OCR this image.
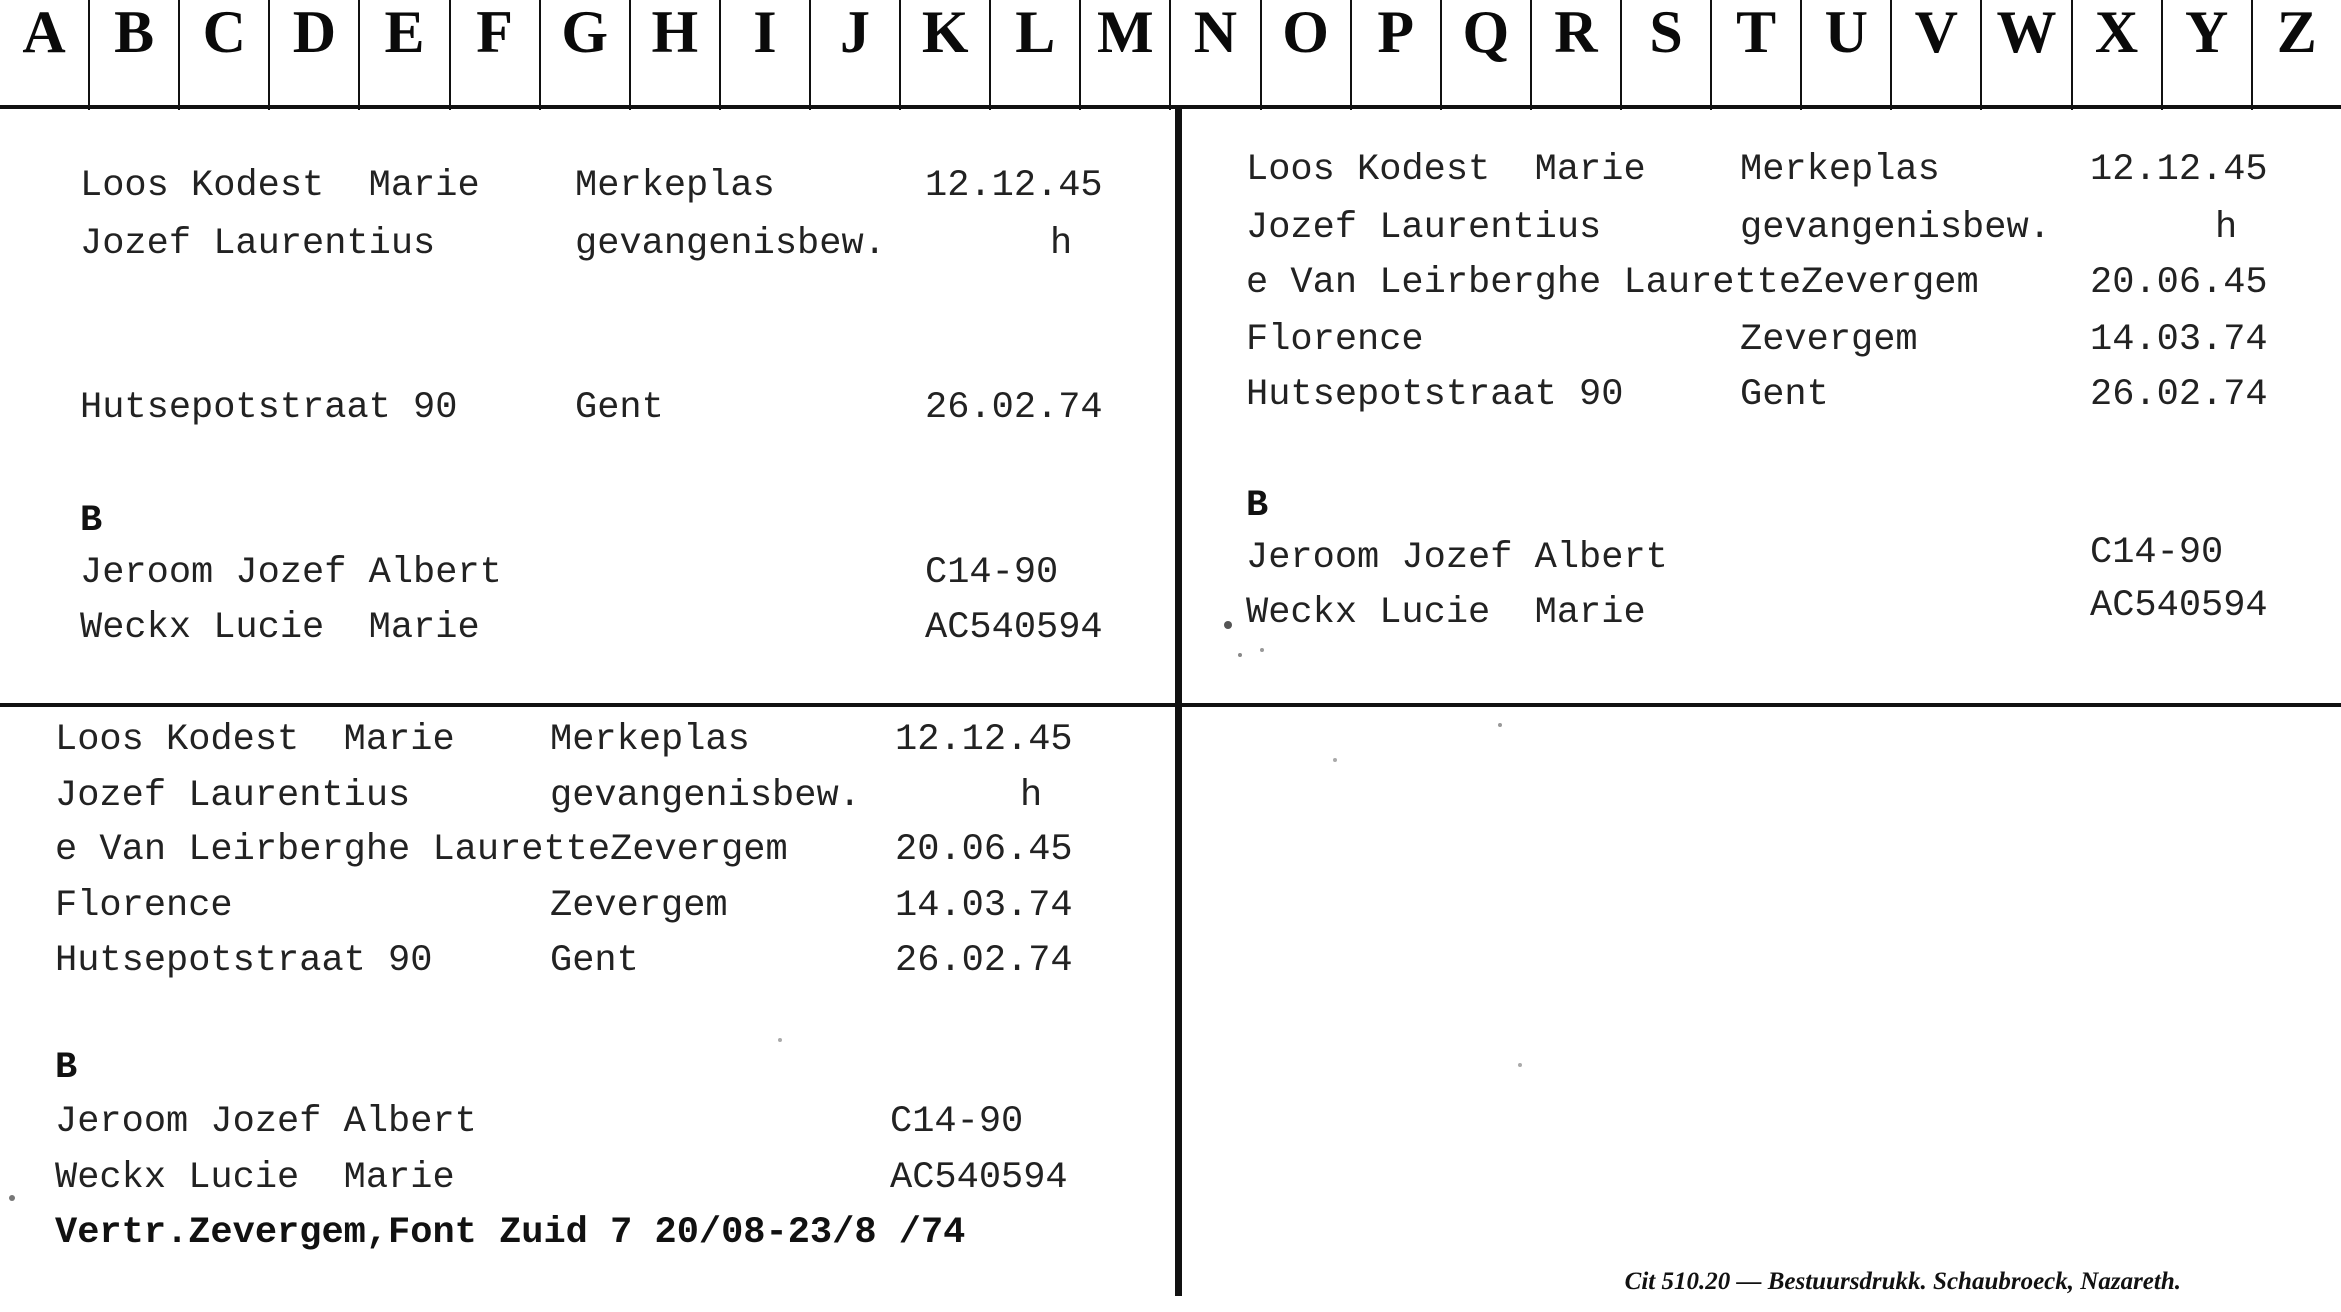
A B C D E F G H I	J K L M N O P Q R S T U V W X Y Z
Loos Kodest  Marie	Merkeplas	12.12.45
Jozef Laurentius	gevangenisbew.	h
Hutsepotstraat 90	Gent	26.02.74
B
Jeroom Jozef Albert	C14-90
Weckx Lucie  Marie	AC540594
Loos Kodest  Marie	Merkeplas	12.12.45
Jozef Laurentius	gevangenisbew.	h
e Van Leirberghe LauretteZevergem	20.06.45
Florence	Zevergem	14.03.74
Hutsepotstraat 90	Gent	26.02.74
B
Jeroom Jozef Albert	C14-90
Weckx Lucie  Marie	AC540594
Loos Kodest  Marie	Merkeplas	12.12.45
Jozef Laurentius	gevangenisbew.	h
e Van Leirberghe LauretteZevergem	20.06.45
Florence	Zevergem	14.03.74
Hutsepotstraat 90	Gent	26.02.74
B
Jeroom Jozef Albert	C14-90
Weckx Lucie  Marie	AC540594
Vertr.Zevergem,Font Zuid 7 20/08-23/8 /74
Cit 510.20 — Bestuursdrukk. Schaubroeck, Nazareth.
